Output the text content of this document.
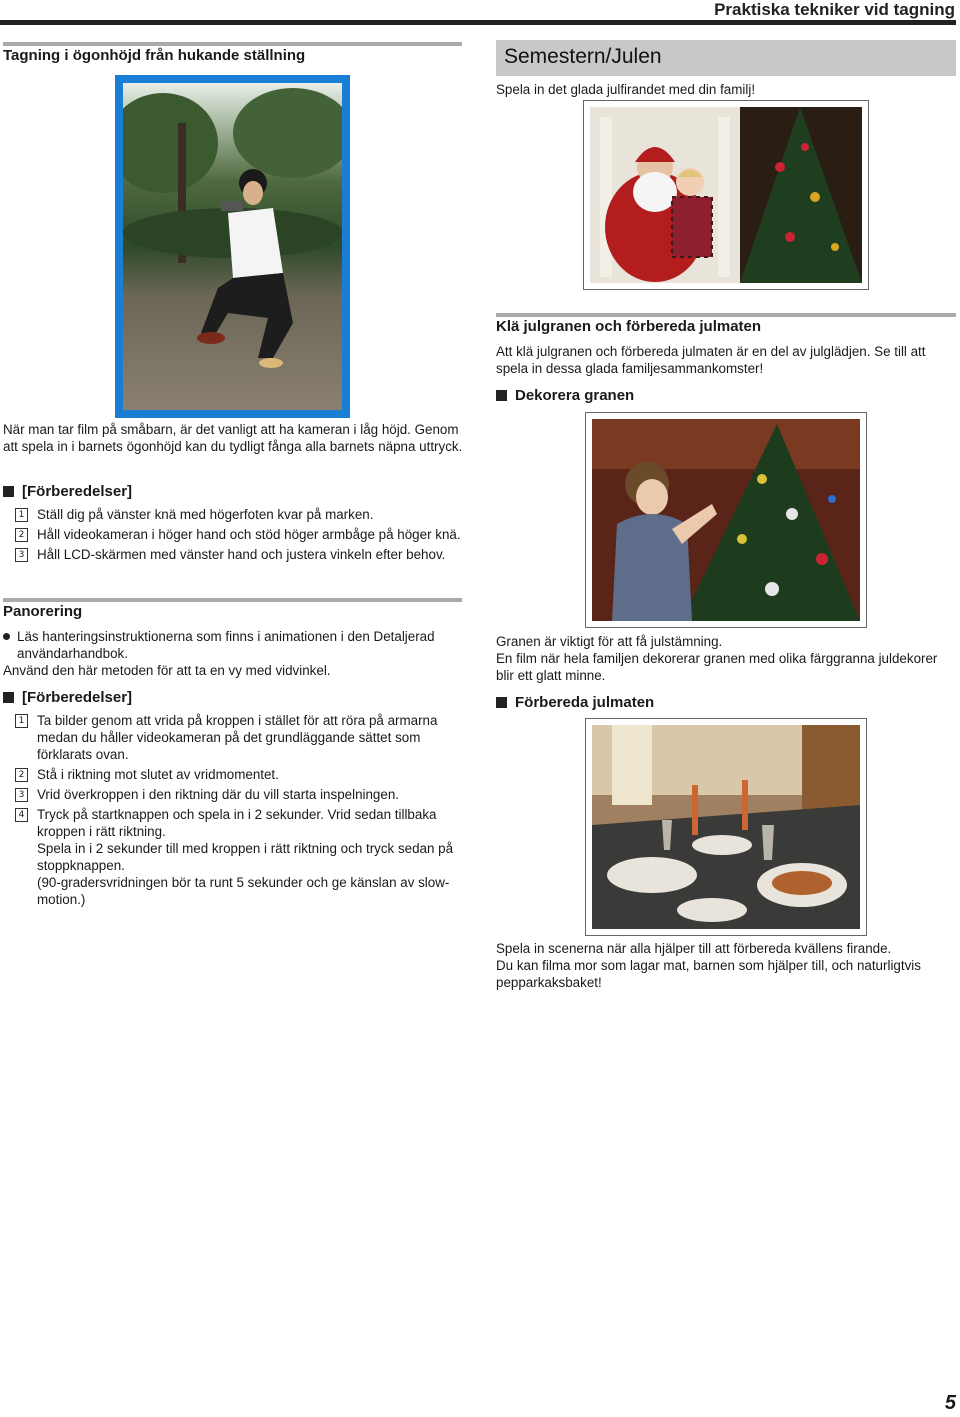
Praktiska tekniker vid tagning
Tagning i ögonhöjd från hukande ställning
När man tar film på småbarn, är det vanligt att ha kameran i låg höjd. Genom att spela in i barnets ögonhöjd kan du tydligt fånga alla barnets näpna uttryck.
[Förberedelser]
1 Ställ dig på vänster knä med högerfoten kvar på marken.
2 Håll videokameran i höger hand och stöd höger armbåge på höger knä.
3 Håll LCD-skärmen med vänster hand och justera vinkeln efter behov.
Panorering
Läs hanteringsinstruktionerna som finns i animationen i den Detaljerad användarhandbok.
Använd den här metoden för att ta en vy med vidvinkel.
[Förberedelser]
1 Ta bilder genom att vrida på kroppen i stället för att röra på armarna medan du håller videokameran på det grundläggande sättet som förklarats ovan.
2 Stå i riktning mot slutet av vridmomentet.
3 Vrid överkroppen i den riktning där du vill starta inspelningen.
4 Tryck på startknappen och spela in i 2 sekunder. Vrid sedan tillbaka kroppen i rätt riktning.
Spela in i 2 sekunder till med kroppen i rätt riktning och tryck sedan på stoppknappen.
(90-gradersvridningen bör ta runt 5 sekunder och ge känslan av slow-motion.)
Semestern/Julen
Spela in det glada julfirandet med din familj!
Klä julgranen och förbereda julmaten
Att klä julgranen och förbereda julmaten är en del av julglädjen. Se till att spela in dessa glada familjesammankomster!
Dekorera granen
Granen är viktigt för att få julstämning.
En film när hela familjen dekorerar granen med olika färggranna juldekorer blir ett glatt minne.
Förbereda julmaten
Spela in scenerna när alla hjälper till att förbereda kvällens firande.
Du kan filma mor som lagar mat, barnen som hjälper till, och naturligtvis pepparkaksbaket!
5
